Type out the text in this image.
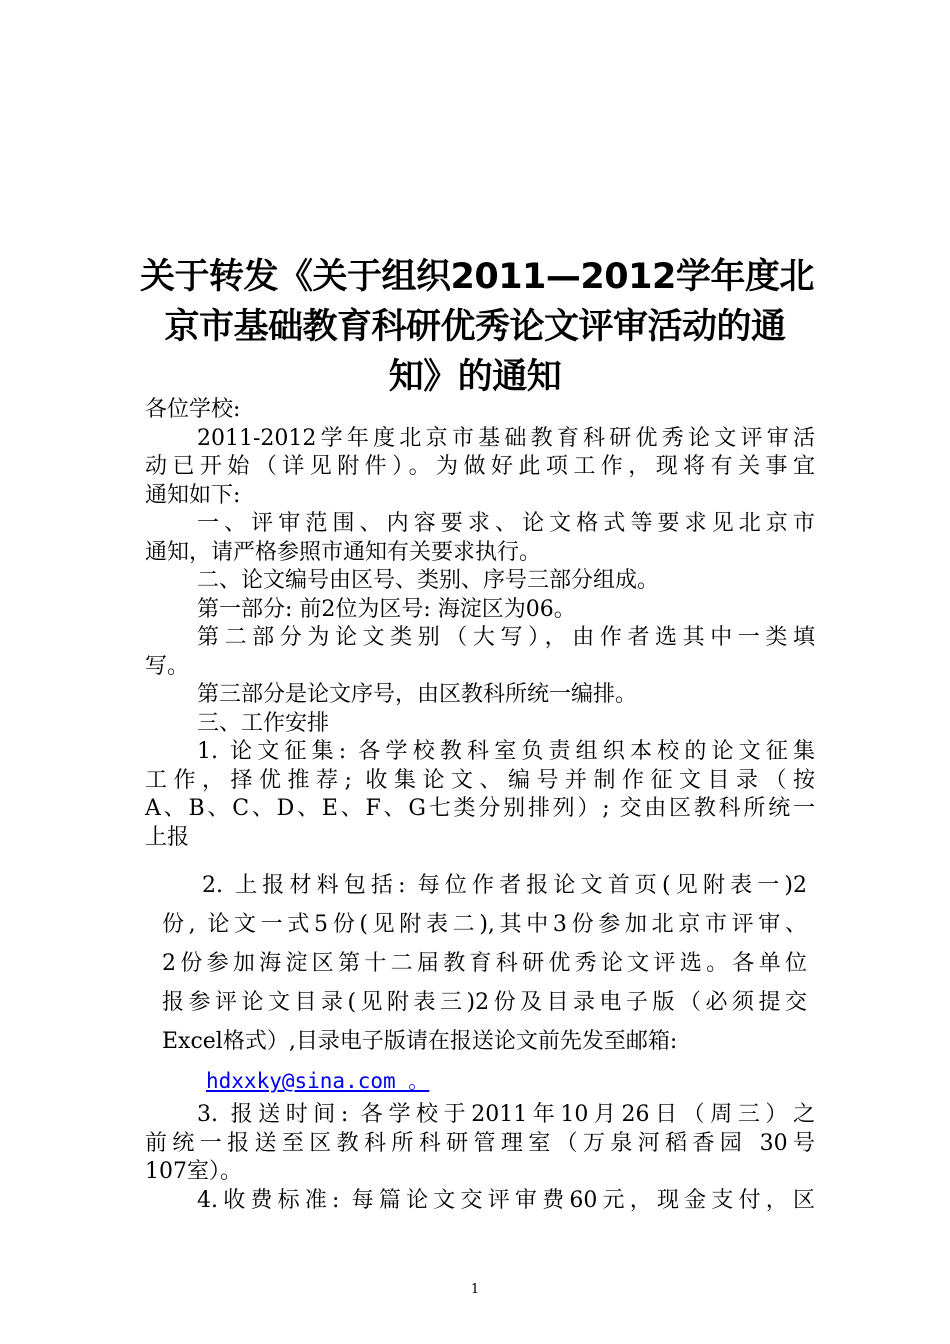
关于转发《关于组织2011—2012学年度北
京市基础教育科研优秀论文评审活动的通
知》的通知
各位学校:
2011-2012学年度北京市基础教育科研优秀论文评审活
动已开始（详见附件）。为做好此项工作，现将有关事宜
通知如下:
一、评审范围、内容要求、论文格式等要求见北京市
通知，请严格参照市通知有关要求执行。
二、论文编号由区号、类别、序号三部分组成。
第一部分: 前2位为区号: 海淀区为06。
第二部分为论文类别（大写），由作者选其中一类填
写。
第三部分是论文序号，由区教科所统一编排。
三、工作安排
1. 论文征集: 各学校教科室负责组织本校的论文征集
工作，择优推荐; 收集论文、编号并制作征文目录（按
A、B、C、D、E、F、G七类分别排列）; 交由区教科所统一
上报
2. 上报材料包括: 每位作者报论文首页(见附表一)2
份, 论文一式5份(见附表二),其中3份参加北京市评审、
2份参加海淀区第十二届教育科研优秀论文评选。各单位
报参评论文目录(见附表三)2份及目录电子版（必须提交
Excel格式）,目录电子版请在报送论文前先发至邮箱:
hdxxky@sina.com 。
3. 报送时间: 各学校于2011年10月26日（周三）之
前统一报送至区教科所科研管理室（万泉河稻香园 30号
107室）。
4.收费标准: 每篇论文交评审费60元，现金支付，区
1
